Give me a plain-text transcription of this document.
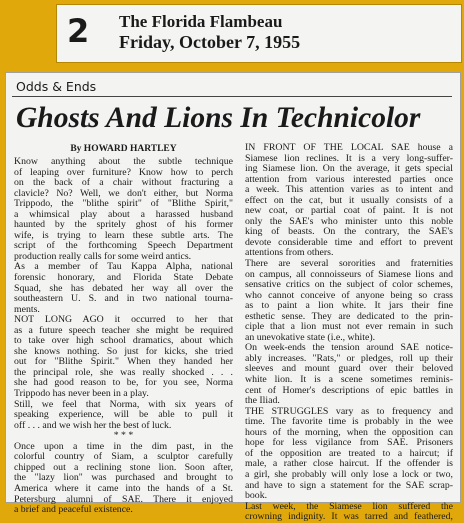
2 The Florida Flambeau
Friday, October 7, 1955
Odds & Ends
Ghosts And Lions In Technicolor
By HOWARD HARTLEY
Know anything about the subtle technique
of leaping over furniture? Know how to perch
on the back of a chair without fracturing a
clavicle? No? Well, we don't either, but Norma
Trippodo, the "blithe spirit" of "Blithe Spirit,"
a whimsical play about a harassed husband
haunted by the spritely ghost of his former
wife, is trying to learn these subtle arts. The
script of the forthcoming Speech Department
production really calls for some weird antics.
As a member of Tau Kappa Alpha, national
forensic honorary, and Florida State Debate
Squad, she has debated her way all over the
southeastern U. S. and in two national tourna-
ments.
NOT LONG AGO it occurred to her that
as a future speech teacher she might be required
to take over high school dramatics, about which
she knows nothing. So just for kicks, she tried
out for "Blithe Spirit." When they handed her
the principal role, she was really shocked . . .
she had good reason to be, for you see, Norma
Trippodo has never been in a play.
Still, we feel that Norma, with six years of
speaking experience, will be able to pull it
off . . . and we wish her the best of luck.
* * *
Once upon a time in the dim past, in the
colorful country of Siam, a sculptor carefully
chipped out a reclining stone lion. Soon after,
the "lazy lion" was purchased and brought to
America where it came into the hands of a St.
Petersburg alumni of SAE. There it enjoyed
a brief and peaceful existence.
IN FRONT OF THE LOCAL SAE house a
Siamese lion reclines. It is a very long-suffer-
ing Siamese lion. On the average, it gets special
attention from various interested parties once
a week. This attention varies as to intent and
effect on the cat, but it usually consists of a
new coat, or partial coat of paint. It is not
only the SAE's who minister unto this noble
king of beasts. On the contrary, the SAE's
devote considerable time and effort to prevent
attentions from others.
There are several sororities and fraternities
on campus, all connoisseurs of Siamese lions and
sensative critics on the subject of color schemes,
who cannot conceive of anyone being so crass
as to paint a lion white. It jars their fine
esthetic sense. They are dedicated to the prin-
ciple that a lion must not ever remain in such
an unevokative state (i.e., white).
On week-ends the tension around SAE notice-
ably increases. "Rats," or pledges, roll up their
sleeves and mount guard over their beloved
white lion. It is a scene sometimes reminis-
cent of Homer's descriptions of epic battles in
the Iliad.
THE STRUGGLES vary as to frequency and
time. The favorite time is probably in the wee
hours of the morning, when the opposition can
hope for less vigilance from SAE. Prisoners
of the opposition are treated to a haircut; if
male, a rather close haircut. If the offender is
a girl, she probably will only lose a lock or two,
and have to sign a statement for the SAE scrap-
book.
Last week, the Siamese lion suffered the
crowning indignity. It was tarred and feathered,
